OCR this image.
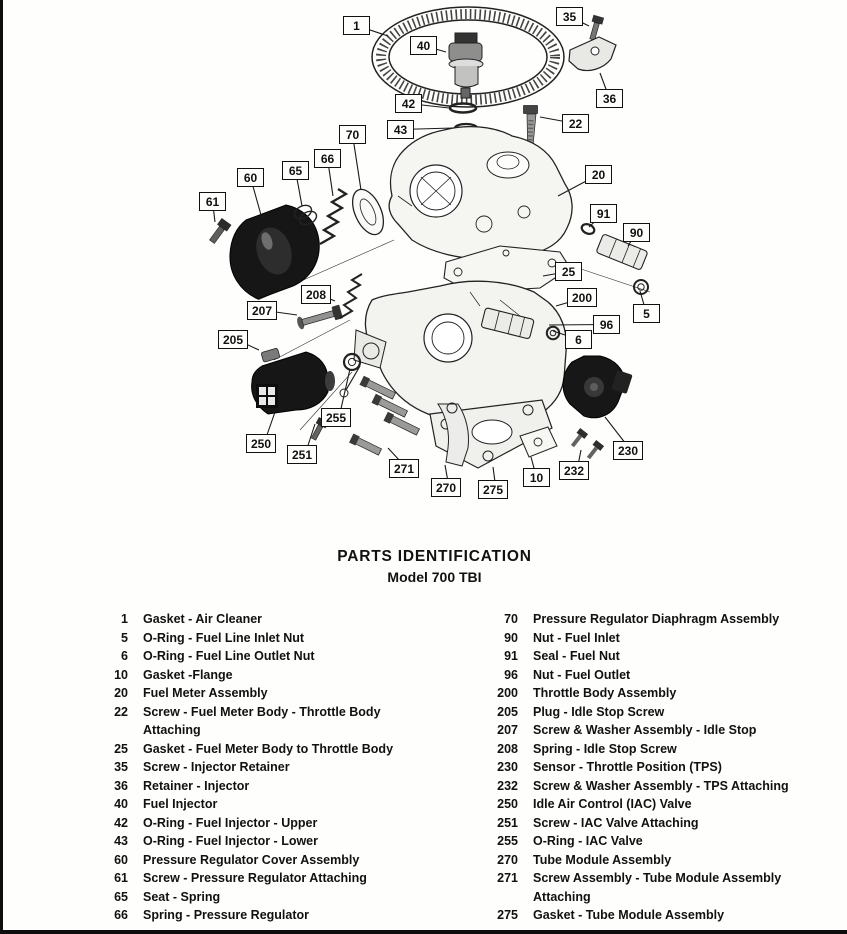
1
35
40
36
42
22
43
70
66
65	20
60
61
91
90
25
207
208	200
5
96
6
205
255
250
251	230
271
270	275
10	232
PARTS IDENTIFICATION
Model 700 TBI
1 Gasket - Air Cleaner
5 O-Ring - Fuel Line Inlet Nut
6 O-Ring - Fuel Line Outlet Nut
10 Gasket -Flange
20 Fuel Meter Assembly
22 Screw - Fuel Meter Body - Throttle Body
Attaching
25 Gasket - Fuel Meter Body to Throttle Body
35 Screw - Injector Retainer
36 Retainer - Injector
40 Fuel Injector
42 O-Ring - Fuel Injector - Upper
43 O-Ring - Fuel Injector - Lower
60 Pressure Regulator Cover Assembly
61 Screw - Pressure Regulator Attaching
65 Seat - Spring
66 Spring - Pressure Regulator
70 Pressure Regulator Diaphragm Assembly
90 Nut - Fuel Inlet
91 Seal - Fuel Nut
96 Nut - Fuel Outlet
200 Throttle Body Assembly
205 Plug - Idle Stop Screw
207 Screw & Washer Assembly - Idle Stop
208 Spring - Idle Stop Screw
230 Sensor - Throttle Position (TPS)
232 Screw & Washer Assembly - TPS Attaching
250 Idle Air Control (IAC) Valve
251 Screw - IAC Valve Attaching
255 O-Ring - IAC Valve
270 Tube Module Assembly
271 Screw Assembly - Tube Module Assembly
Attaching
275 Gasket - Tube Module Assembly
